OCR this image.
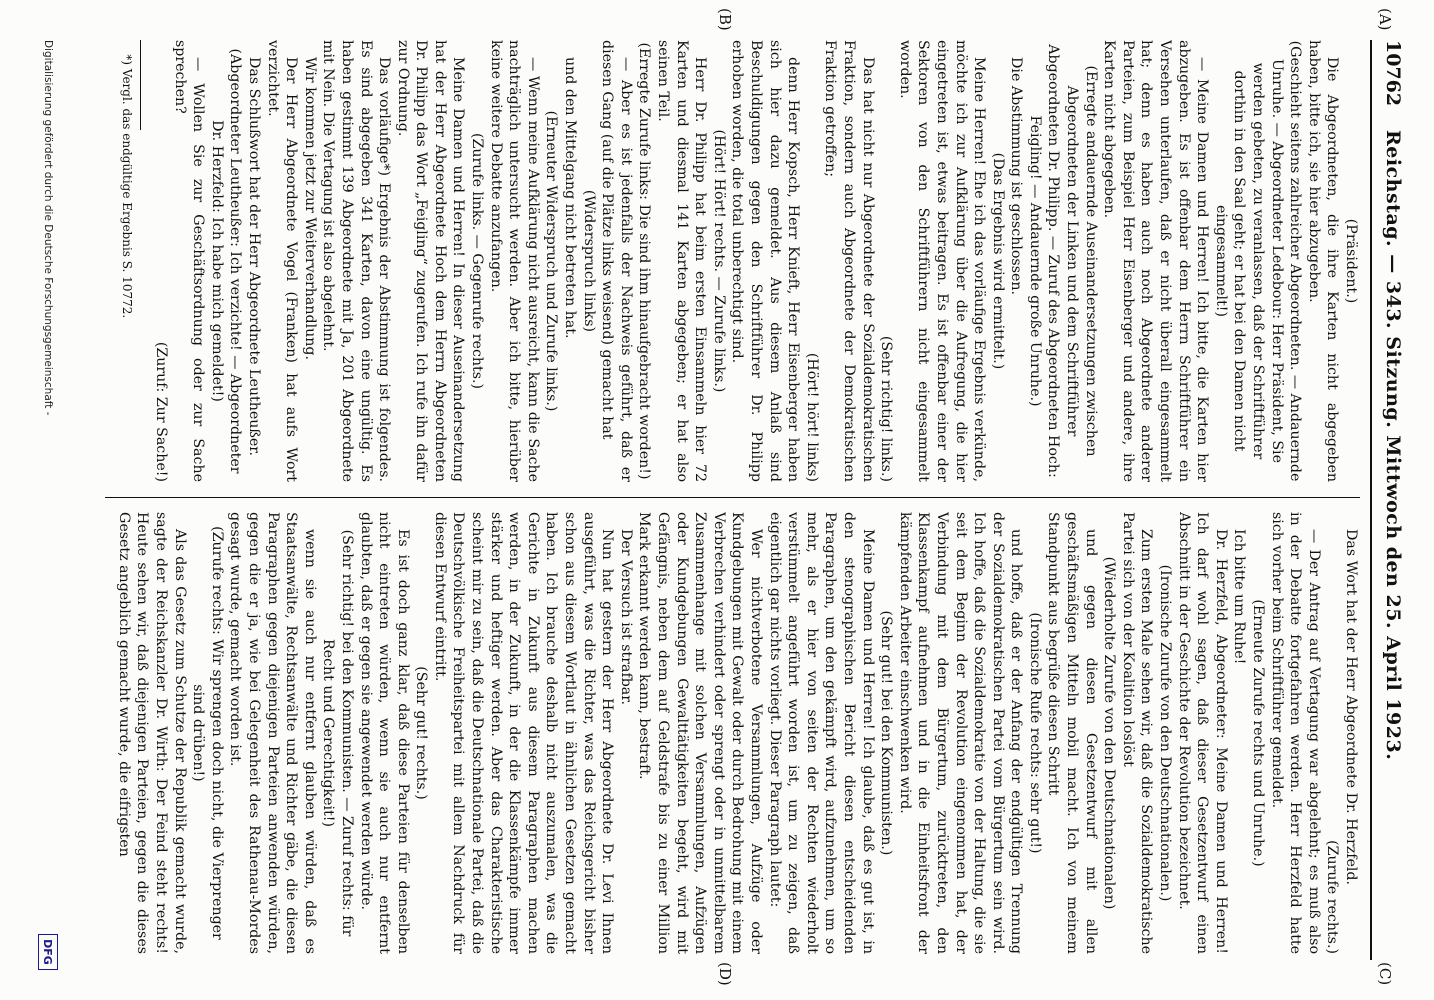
10762
Reichstag. — 343. Sitzung. Mittwoch den 25. April 1923.
(A)
(B)
(C)
(D)

(Präsident.)

Die Abgeordneten, die ihre Karten nicht abgegeben haben, bitte ich, sie hier abzugeben.

(Geschieht seitens zahlreicher Abgeordneten. — Andauernde Unruhe. — Abgeordneter Ledebour: Herr Präsident, Sie werden gebeten, zu veranlassen, daß der Schriftführer dorthin in den Saal geht; er hat bei den Damen nicht eingesammelt!)

— Meine Damen und Herren! Ich bitte, die Karten hier abzugeben. Es ist offenbar dem Herrn Schriftführer ein Versehen unterlaufen, daß er nicht überall eingesammelt hat; denn es haben auch noch Abgeordnete anderer Parteien, zum Beispiel Herr Eisenberger und andere, ihre Karten nicht abgegeben.

(Erregte andauernde Auseinandersetzungen zwischen Abgeordneten der Linken und dem Schriftführer Abgeordneten Dr. Philipp. — Zuruf des Abgeordneten Hoch: Feigling! — Andauernde große Unruhe.)

Die Abstimmung ist geschlossen.

(Das Ergebnis wird ermittelt.)

Meine Herren! Ehe ich das vorläufige Ergebnis verkünde, möchte ich zur Aufklärung über die Aufregung, die hier eingetreten ist, etwas beitragen. Es ist offenbar einer der Sektoren von den Schriftführern nicht eingesammelt worden.

(Sehr richtig! links.)

Das hat nicht nur Abgeordnete der Sozialdemokratischen Fraktion, sondern auch Abgeordnete der Demokratischen Fraktion getroffen;

(Hört! hört! links)

denn Herr Kopsch, Herr Knieft, Herr Eisenberger haben sich hier dazu gemeldet. Aus diesem Anlaß sind Beschuldigungen gegen den Schriftführer Dr. Philipp erhoben worden, die total unberechtigt sind.

(Hört! Hört! rechts. — Zurufe links.)

Herr Dr. Philipp hat beim ersten Einsammeln hier 72 Karten und diesmal 141 Karten abgegeben; er hat also seinen Teil.

(Erregte Zurufe links: Die sind ihm hinaufgebracht worden!)

— Aber es ist jedenfalls der Nachweis geführt, daß er diesen Gang (auf die Plätze links weisend) gemacht hat

(Widerspruch links)

und den Mittelgang nicht betreten hat.

(Erneuter Widerspruch und Zurufe links.)

— Wenn meine Aufklärung nicht ausreicht, kann die Sache nachträglich untersucht werden. Aber ich bitte, hierüber keine weitere Debatte anzufangen.

(Zurufe links. — Gegenrufe rechts.)

Meine Damen und Herren! In dieser Auseinandersetzung hat der Herr Abgeordnete Hoch dem Herrn Abgeordneten Dr. Philipp das Wort „Feigling“ zugerufen. Ich rufe ihn dafür zur Ordnung.

Das vorläufige*) Ergebnis der Abstimmung ist folgendes. Es sind abgegeben 341 Karten, davon eine ungültig. Es haben gestimmt 139 Abgeordnete mit Ja, 201 Abgeordnete mit Nein. Die Vertagung ist also abgelehnt.

Wir kommen jetzt zur Weiterverhandlung.

Der Herr Abgeordnete Vogel (Franken) hat aufs Wort verzichtet.

Das Schlußwort hat der Herr Abgeordnete Leutheußer.

(Abgeordneter Leutheußer: Ich verzichte! — Abgeordneter Dr. Herzfeld: Ich habe mich gemeldet!)

— Wollen Sie zur Geschäftsordnung oder zur Sache sprechen?

(Zuruf: Zur Sache!)

*) Vergl. das endgültige Ergebnis S. 10772.

Das Wort hat der Herr Abgeordnete Dr. Herzfeld.

(Zurufe rechts.)

— Der Antrag auf Vertagung war abgelehnt; es muß also in der Debatte fortgefahren werden. Herr Herzfeld hatte sich vorher beim Schriftführer gemeldet.

(Erneute Zurufe rechts und Unruhe.)

Ich bitte um Ruhe!

Dr. Herzfeld, Abgeordneter: Meine Damen und Herren! Ich darf wohl sagen, daß dieser Gesetzentwurf einen Abschnitt in der Geschichte der Revolution bezeichnet.

(Ironische Zurufe von den Deutschnationalen.)

Zum ersten Male sehen wir, daß die Sozialdemokratische Partei sich von der Koalition loslöst

(Wiederholte Zurufe von den Deutschnationalen)

und gegen diesen Gesetzentwurf mit allen geschäftsmäßigen Mitteln mobil macht. Ich von meinem Standpunkt aus begrüße diesen Schritt

(Ironische Rufe rechts: sehr gut!)

und hoffe, daß er der Anfang der endgültigen Trennung der Sozialdemokratischen Partei vom Bürgertum sein wird. Ich hoffe, daß die Sozialdemokratie von der Haltung, die sie seit dem Beginn der Revolution eingenommen hat, der Verbindung mit dem Bürgertum, zurücktreten, den Klassenkampf aufnehmen und in die Einheitsfront der kämpfenden Arbeiter einschwenken wird.

(Sehr gut! bei den Kommunisten.)

Meine Damen und Herren! Ich glaube, daß es gut ist, in den stenographischen Bericht diesen entscheidenden Paragraphen, um den gekämpft wird, aufzunehmen, um so mehr, als er hier von seiten der Rechten wiederholt verstümmelt angeführt worden ist, um zu zeigen, daß eigentlich gar nichts vorliegt. Dieser Paragraph lautet:

Wer nichtverbotene Versammlungen, Aufzüge oder Kundgebungen mit Gewalt oder durch Bedrohung mit einem Verbrechen verhindert oder sprengt oder in unmittelbarem Zusammenhange mit solchen Versammlungen, Aufzügen oder Kundgebungen Gewalttätigkeiten begeht, wird mit Gefängnis, neben dem auf Geldstrafe bis zu einer Million Mark erkannt werden kann, bestraft.

Der Versuch ist strafbar.

Nun hat gestern der Herr Abgeordnete Dr. Levi Ihnen ausgeführt, was die Richter, was das Reichsgericht bisher schon aus diesem Wortlaut in ähnlichen Gesetzen gemacht haben. Ich brauche deshalb nicht auszumalen, was die Gerichte in Zukunft aus diesem Paragraphen machen werden, in der Zukunft, in der die Klassenkämpfe immer stärker und heftiger werden. Aber das Charakteristische scheint mir zu sein, daß die Deutschnationale Partei, daß die Deutschvölkische Freiheitspartei mit allem Nachdruck für diesen Entwurf eintritt.

(Sehr gut! rechts.)

Es ist doch ganz klar, daß diese Parteien für denselben nicht eintreten würden, wenn sie auch nur entfernt glaubten, daß er gegen sie angewendet werden würde.

(Sehr richtig! bei den Kommunisten. — Zuruf rechts: für Recht und Gerechtigkeit!)

wenn sie auch nur entfernt glauben würden, daß es Staatsanwälte, Rechtsanwälte und Richter gäbe, die diesen Paragraphen gegen diejenigen Parteien anwenden würden, gegen die er ja, wie bei Gelegenheit des Rathenau-Mordes gesagt wurde, gemacht worden ist.

(Zurufe rechts: Wir sprengen doch nicht, die Vierprenger sind drüben!)

Als das Gesetz zum Schutze der Republik gemacht wurde, sagte der Reichskanzler Dr. Wirth: Der Feind steht rechts! Heute sehen wir, daß diejenigen Parteien, gegen die dieses Gesetz angeblich gemacht wurde, die eifrigsten

Digitalisierung gefördert durch die Deutsche Forschungsgemeinschaft -
DFG
